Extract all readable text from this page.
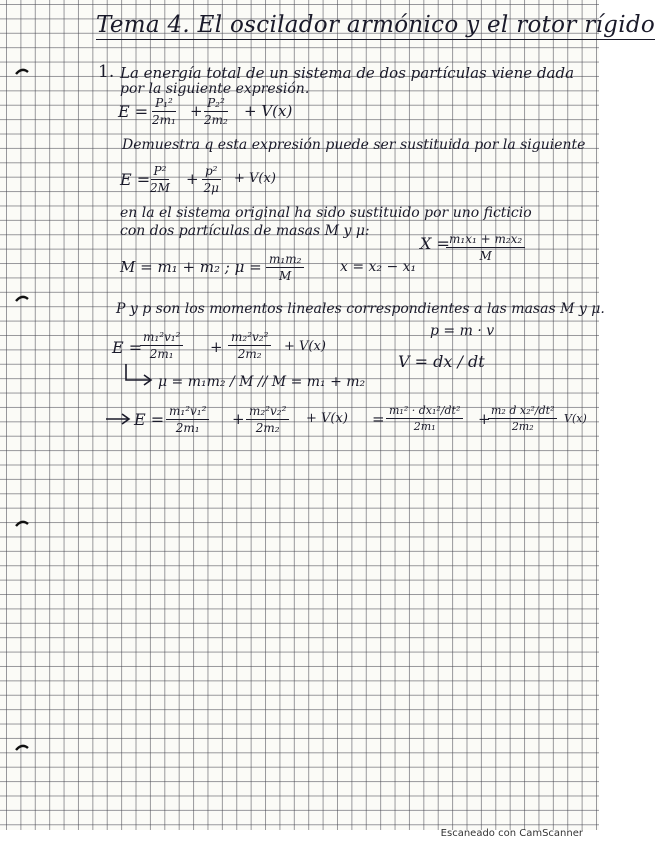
Tema 4. El oscilador armónico y el rotor rígido
1. La energía total de un sistema de dos partículas viene dada
por la siguiente expresión.
$E = \frac{\text{P₁²}}{\text{2m₁}} + \frac{\text{P₂²}}{\text{2m₂}} + V(x)$
Demuestra q esta expresión puede ser sustituida por la siguiente
$E = \frac{\text{P²}}{2M} + \frac{\text{p²}}{2\mu} + V(x)$
en la el sistema original ha sido sustituido por uno ficticio
con dos partículas de masas M y μ:
X =
$\frac{\text{m₁x₁ + m₂x₂}}{M}$
M = m₁ + m₂ ; $\mu = \frac{\text{m₁m₂}}{M}$	x = x₂ − x₁
P y p son los momentos lineales correspondientes a las masas M y μ.
E =
$\frac{\text{m₁²v₁²}}{\text{2m₁}} + \frac{\text{m₂²v₂²}}{\text{2m₂}} + V(x)$
p = m · v
V = dx / dt
μ = m₁m₂ / M // M = m₁ + m₂
$E = \frac{\text{m₁²v₁²}}{\text{2m₁}} + \frac{\text{m₂²v₂²}}{\text{2m₂}} + V(x) = \frac{\text{m₁² · dx₁²/dt²}}{\text{2m₁}}$ +
$\frac{\text{m₂ d x₂²/dt²}}{\text{2m₂}} V(x)$
Escaneado con CamScanner
